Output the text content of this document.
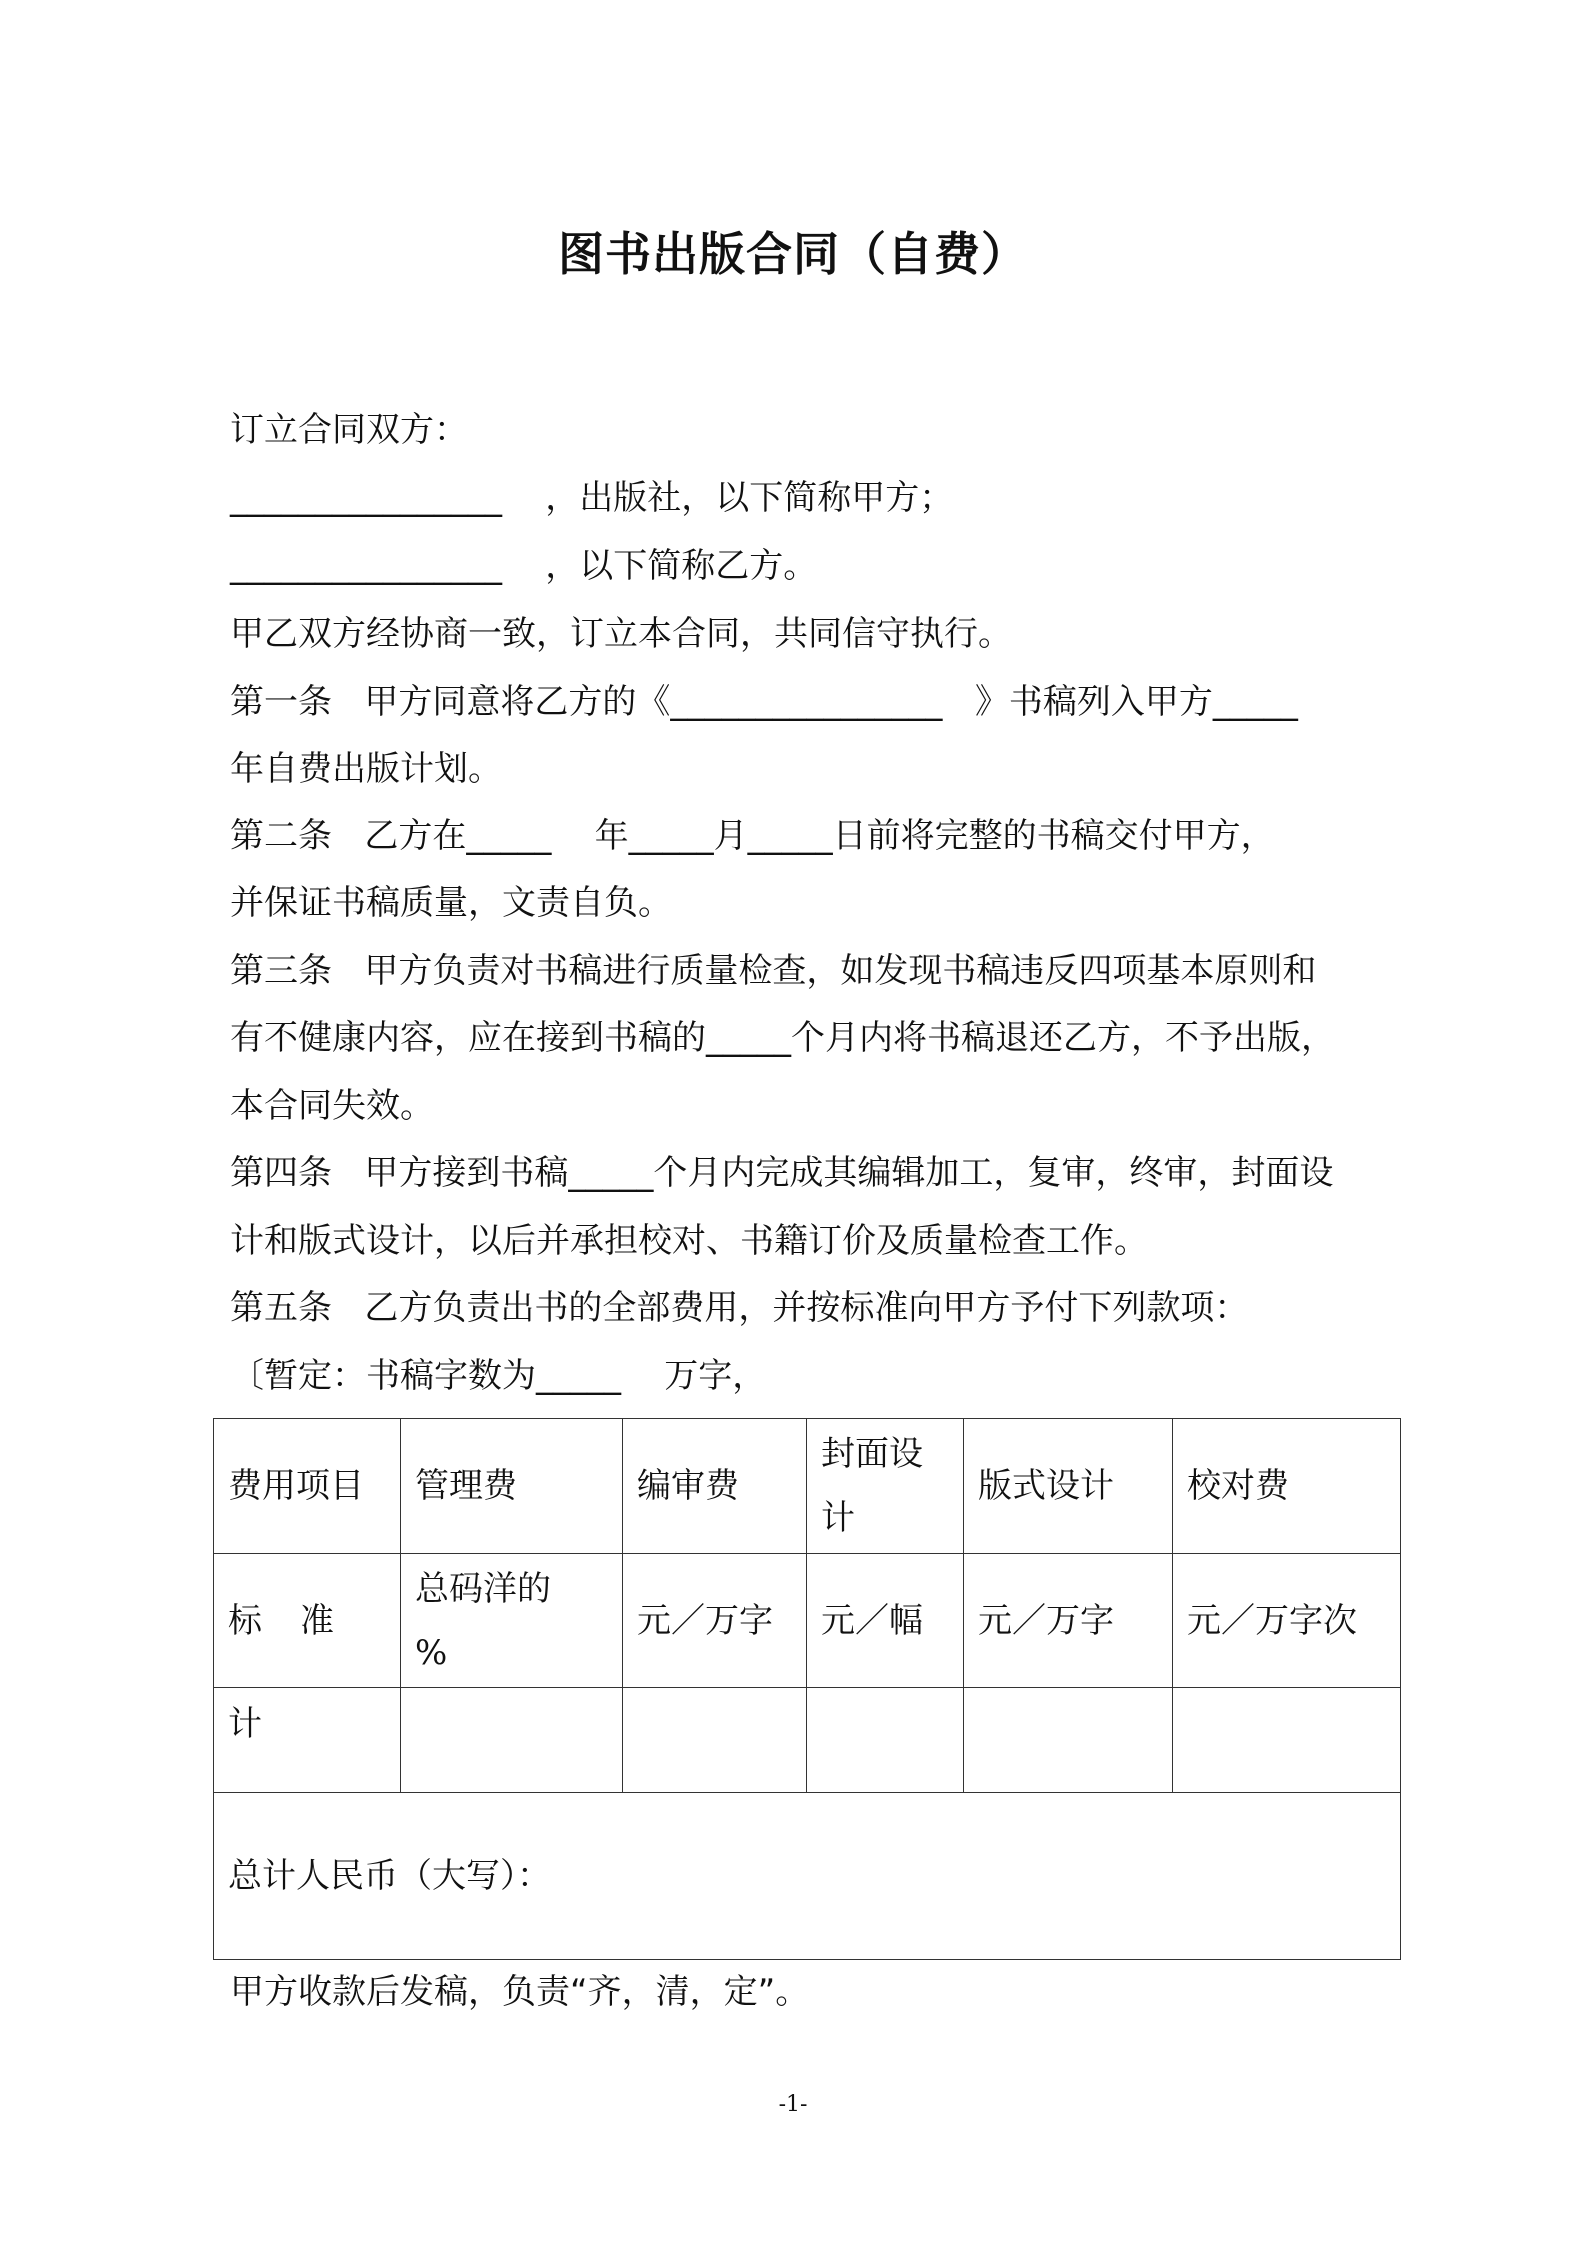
图书出版合同（自费）
订立合同双方：
________________    ，出版社，以下简称甲方；
________________    ，以下简称乙方。
甲乙双方经协商一致，订立本合同，共同信守执行。
第一条   甲方同意将乙方的《________________   》书稿列入甲方_____
年自费出版计划。
第二条   乙方在_____    年_____月_____日前将完整的书稿交付甲方，
并保证书稿质量，文责自负。
第三条   甲方负责对书稿进行质量检查，如发现书稿违反四项基本原则和
有不健康内容，应在接到书稿的_____个月内将书稿退还乙方，不予出版，
本合同失效。
第四条   甲方接到书稿_____个月内完成其编辑加工，复审，终审，封面设
计和版式设计，以后并承担校对、书籍订价及质量检查工作。
第五条   乙方负责出书的全部费用，并按标准向甲方予付下列款项：
〔暂定：书稿字数为_____    万字，
费用项目	管理费	编审费	封面设计	版式设计	校对费
标准	总码洋的   %	元／万字	元／幅	元／万字	元／万字次
计					
总计人民币（大写）：					
甲方收款后发稿，负责“齐，清，定”。
-1-
